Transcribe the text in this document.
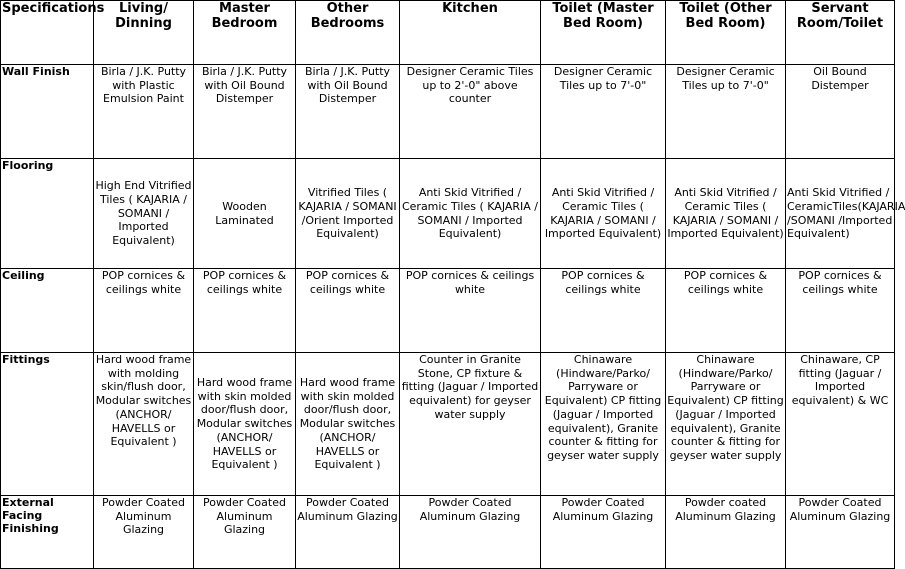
Specifications	Living/ Dinning	Master Bedroom	Other Bedrooms	Kitchen	Toilet (Master Bed Room)	Toilet (Other Bed Room)	Servant Room/Toilet
Wall Finish	Birla / J.K. Putty with Plastic Emulsion Paint	Birla / J.K. Putty with Oil Bound Distemper	Birla / J.K. Putty with Oil Bound Distemper	Designer Ceramic Tiles up to 2'-0" above counter	Designer Ceramic Tiles up to 7'-0"	Designer Ceramic Tiles up to 7'-0"	Oil Bound Distemper
Flooring	High End Vitrified Tiles ( KAJARIA / SOMANI / Imported Equivalent)	Wooden Laminated	Vitrified Tiles ( KAJARIA / SOMANI /Orient Imported Equivalent)	Anti Skid Vitrified / Ceramic Tiles ( KAJARIA / SOMANI / Imported Equivalent)	Anti Skid Vitrified / Ceramic Tiles ( KAJARIA / SOMANI / Imported Equivalent)	Anti Skid Vitrified / Ceramic Tiles ( KAJARIA / SOMANI / Imported Equivalent)	Anti Skid Vitrified / CeramicTiles(KAJARIA /SOMANI /Imported Equivalent)
Ceiling	POP cornices & ceilings white	POP cornices & ceilings white	POP cornices & ceilings white	POP cornices & ceilings white	POP cornices & ceilings white	POP cornices & ceilings white	POP cornices & ceilings white
Fittings	Hard wood frame with molding skin/flush door, Modular switches (ANCHOR/ HAVELLS or Equivalent )	Hard wood frame with skin molded door/flush door, Modular switches (ANCHOR/ HAVELLS or Equivalent )	Hard wood frame with skin molded door/flush door, Modular switches (ANCHOR/ HAVELLS or Equivalent )	Counter in Granite Stone, CP fixture & fitting (Jaguar / Imported equivalent) for geyser water supply	Chinaware (Hindware/Parko/ Parryware or Equivalent) CP fitting (Jaguar / Imported equivalent), Granite counter & fitting for geyser water supply	Chinaware (Hindware/Parko/ Parryware or Equivalent) CP fitting (Jaguar / Imported equivalent), Granite counter & fitting for geyser water supply	Chinaware, CP fitting (Jaguar / Imported equivalent) & WC
External Facing Finishing	Powder Coated Aluminum Glazing	Powder Coated Aluminum Glazing	Powder Coated Aluminum Glazing	Powder Coated Aluminum Glazing	Powder Coated Aluminum Glazing	Powder coated Aluminum Glazing	Powder Coated Aluminum Glazing
